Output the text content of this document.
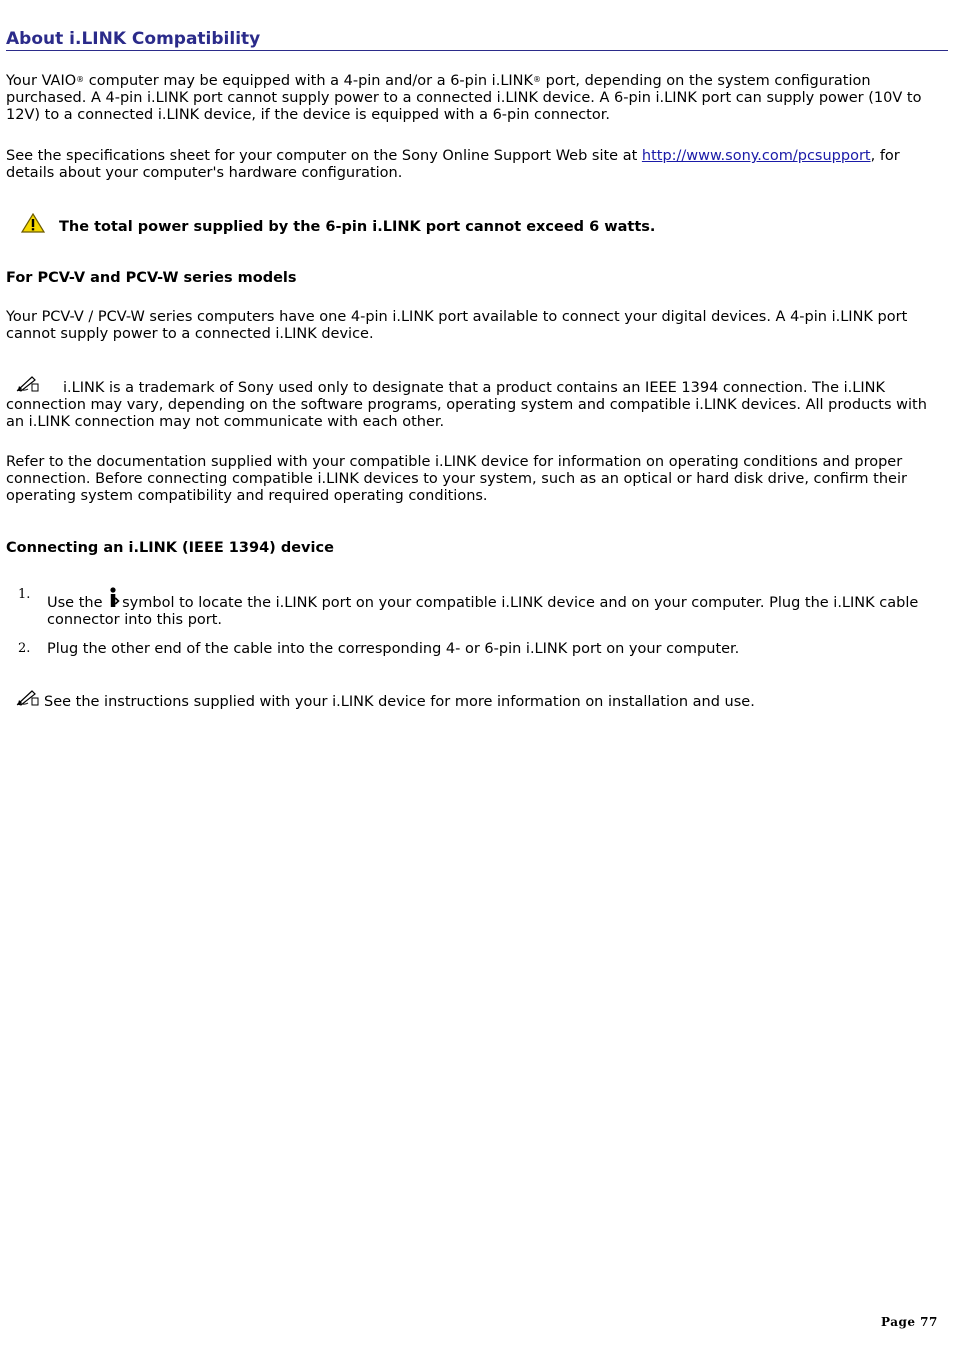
About i.LINK Compatibility

Your VAIO® computer may be equipped with a 4-pin and/or a 6-pin i.LINK® port, depending on the system configuration purchased. A 4-pin i.LINK port cannot supply power to a connected i.LINK device. A 6-pin i.LINK port can supply power (10V to 12V) to a connected i.LINK device, if the device is equipped with a 6-pin connector.

See the specifications sheet for your computer on the Sony Online Support Web site at http://www.sony.com/pcsupport, for details about your computer's hardware configuration.

The total power supplied by the 6-pin i.LINK port cannot exceed 6 watts.

For PCV-V and PCV-W series models

Your PCV-V / PCV-W series computers have one 4-pin i.LINK port available to connect your digital devices. A 4-pin i.LINK port cannot supply power to a connected i.LINK device.

i.LINK is a trademark of Sony used only to designate that a product contains an IEEE 1394 connection. The i.LINK connection may vary, depending on the software programs, operating system and compatible i.LINK devices. All products with an i.LINK connection may not communicate with each other.

Refer to the documentation supplied with your compatible i.LINK device for information on operating conditions and proper connection. Before connecting compatible i.LINK devices to your system, such as an optical or hard disk drive, confirm their operating system compatibility and required operating conditions.

Connecting an i.LINK (IEEE 1394) device

1.
Use the symbol to locate the i.LINK port on your compatible i.LINK device and on your computer. Plug the i.LINK cable connector into this port.
2. Plug the other end of the cable into the corresponding 4- or 6-pin i.LINK port on your computer.

See the instructions supplied with your i.LINK device for more information on installation and use.

Page 77
